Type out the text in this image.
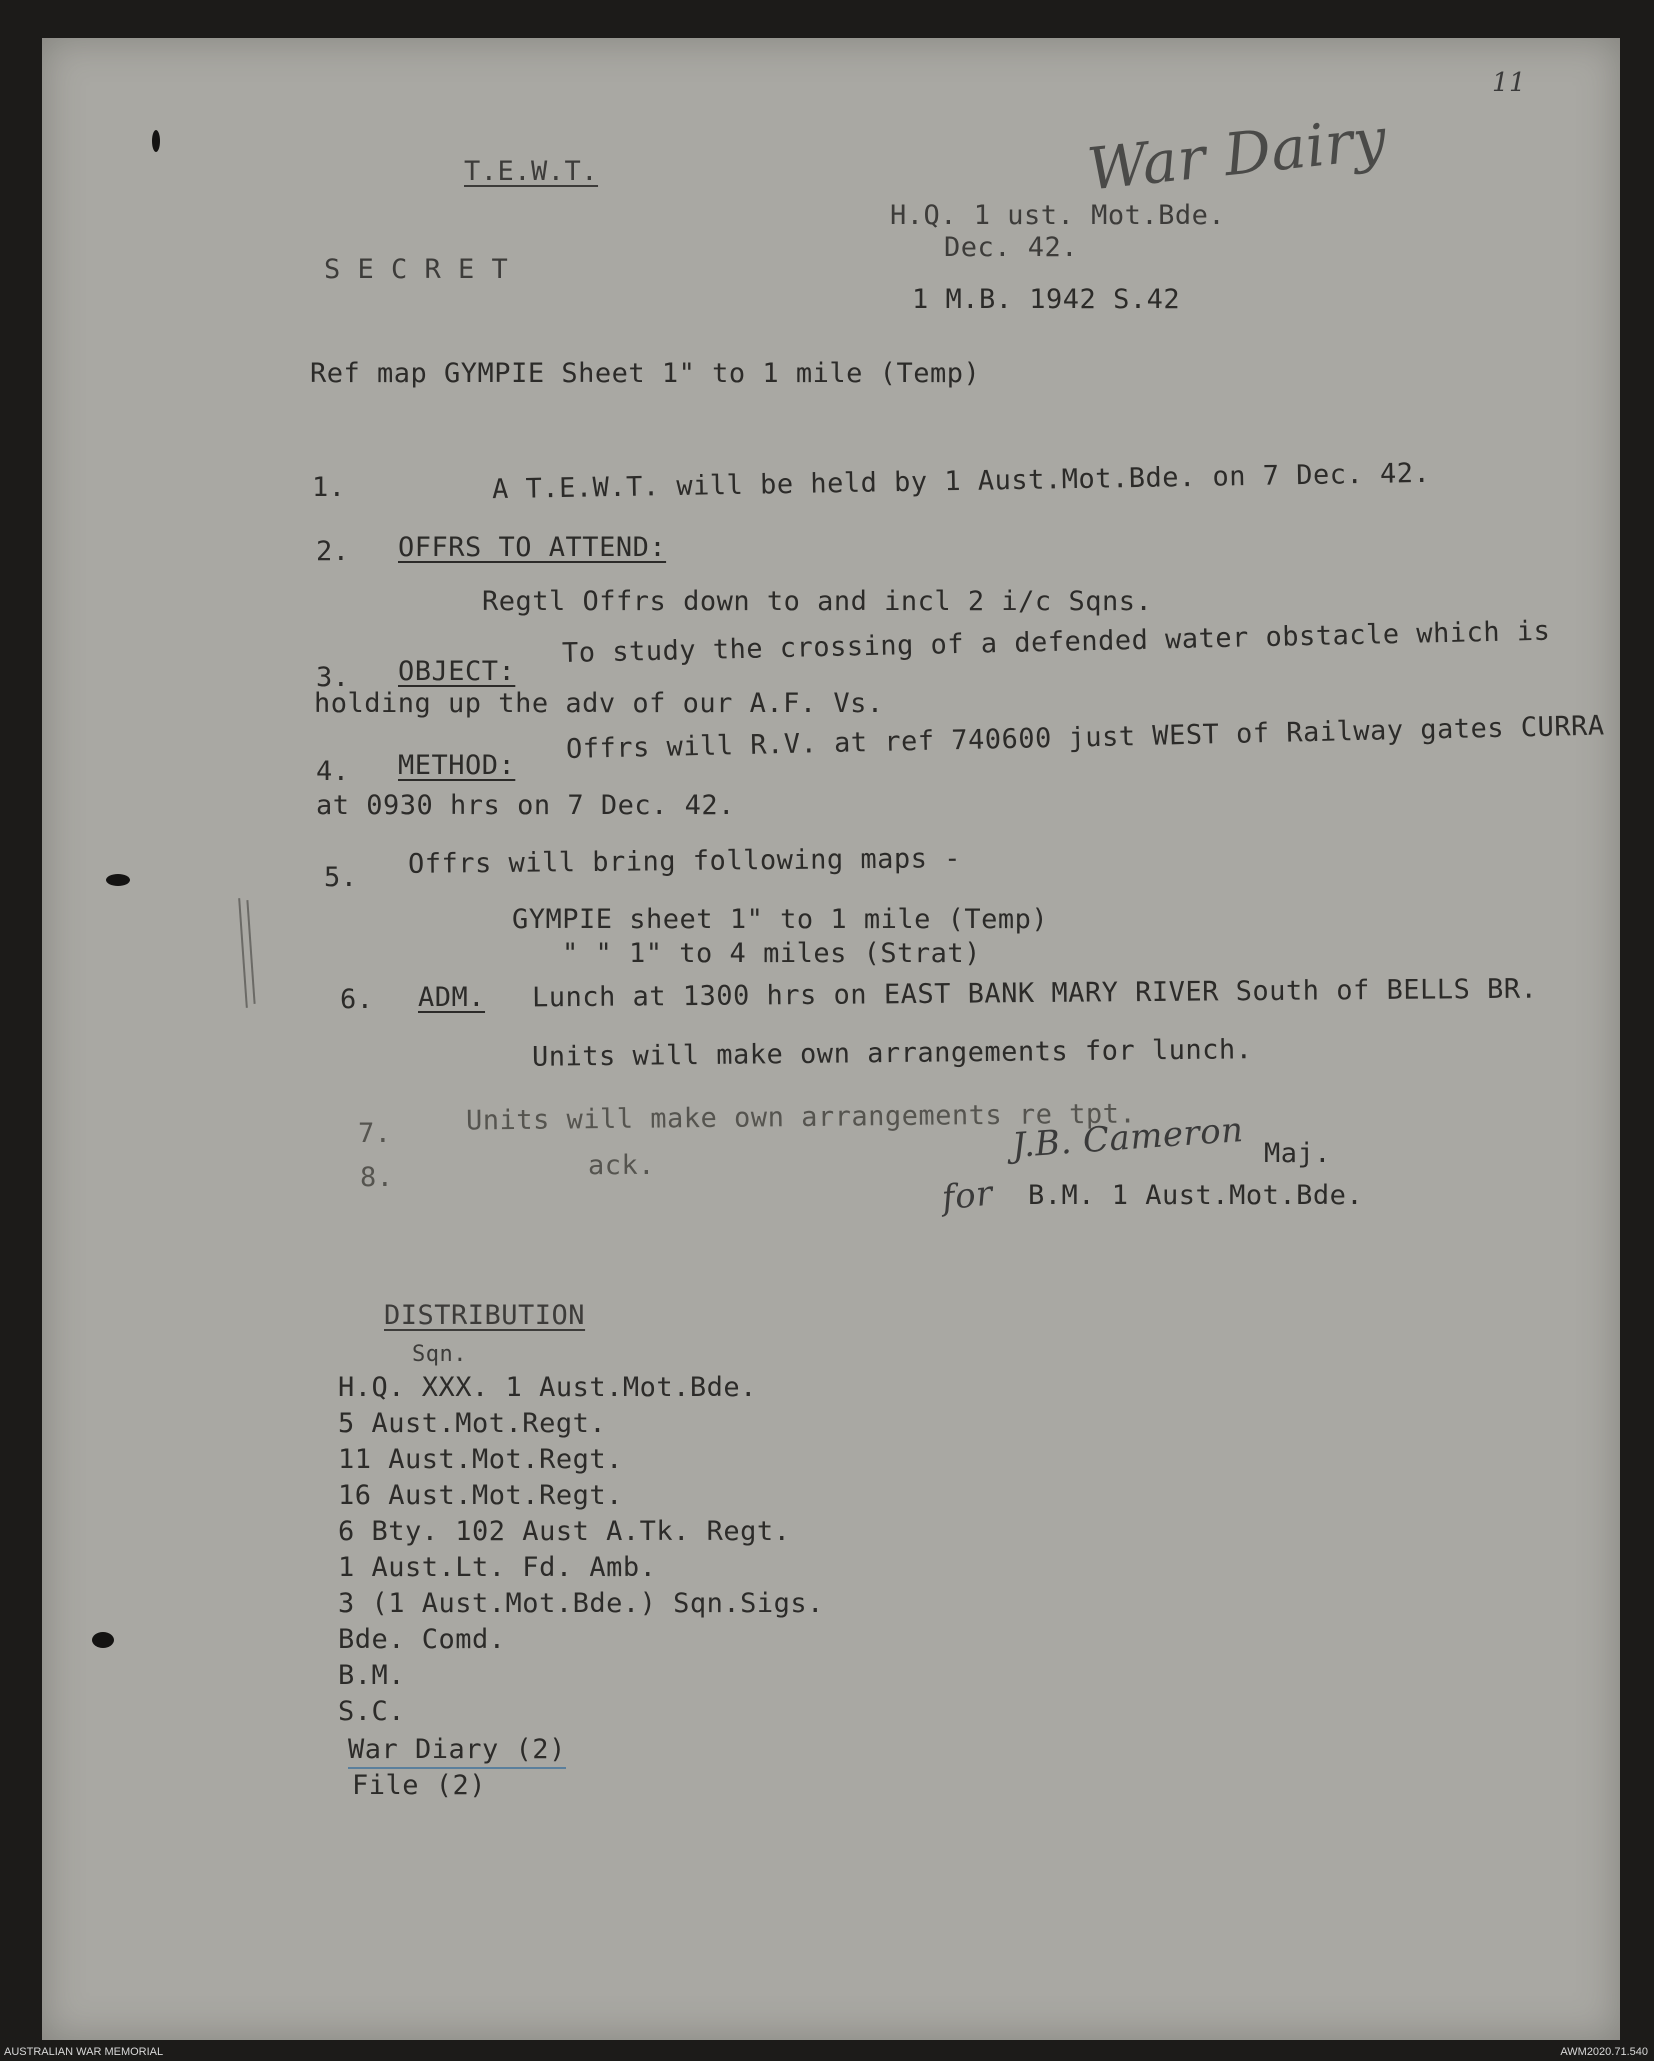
11
War Dairy
T.E.W.T.
S E C R E T
H.Q. 1 ust. Mot.Bde.
Dec. 42.
1 M.B. 1942 S.42
Ref map GYMPIE Sheet 1" to 1 mile (Temp)
1.	A T.E.W.T. will be held by 1 Aust.Mot.Bde. on 7 Dec. 42.
2. OFFRS TO ATTEND:
Regtl Offrs down to and incl 2 i/c Sqns.
3. OBJECT:
To study the crossing of a defended water obstacle which is
holding up the adv of our A.F. Vs.
4. METHOD:
Offrs will R.V. at ref 740600 just WEST of Railway gates CURRA
at 0930 hrs on 7 Dec. 42.
5. Offrs will bring following maps -
GYMPIE sheet 1" to 1 mile (Temp)
" " 1" to 4 miles (Strat)
6. ADM. Lunch at 1300 hrs on EAST BANK MARY RIVER South of BELLS BR.
Units will make own arrangements for lunch.
7.	Units will make own arrangements re tpt.
8.	ack.	J.B. Cameron Maj.
for B.M. 1 Aust.Mot.Bde.
DISTRIBUTION
Sqn.
H.Q. XXX. 1 Aust.Mot.Bde.
5 Aust.Mot.Regt.
11 Aust.Mot.Regt.
16 Aust.Mot.Regt.
6 Bty. 102 Aust A.Tk. Regt.
1 Aust.Lt. Fd. Amb.
3 (1 Aust.Mot.Bde.) Sqn.Sigs.
Bde. Comd.
B.M.
S.C.
War Diary (2)
File (2)
AUSTRALIAN WAR MEMORIAL	AWM2020.71.540
